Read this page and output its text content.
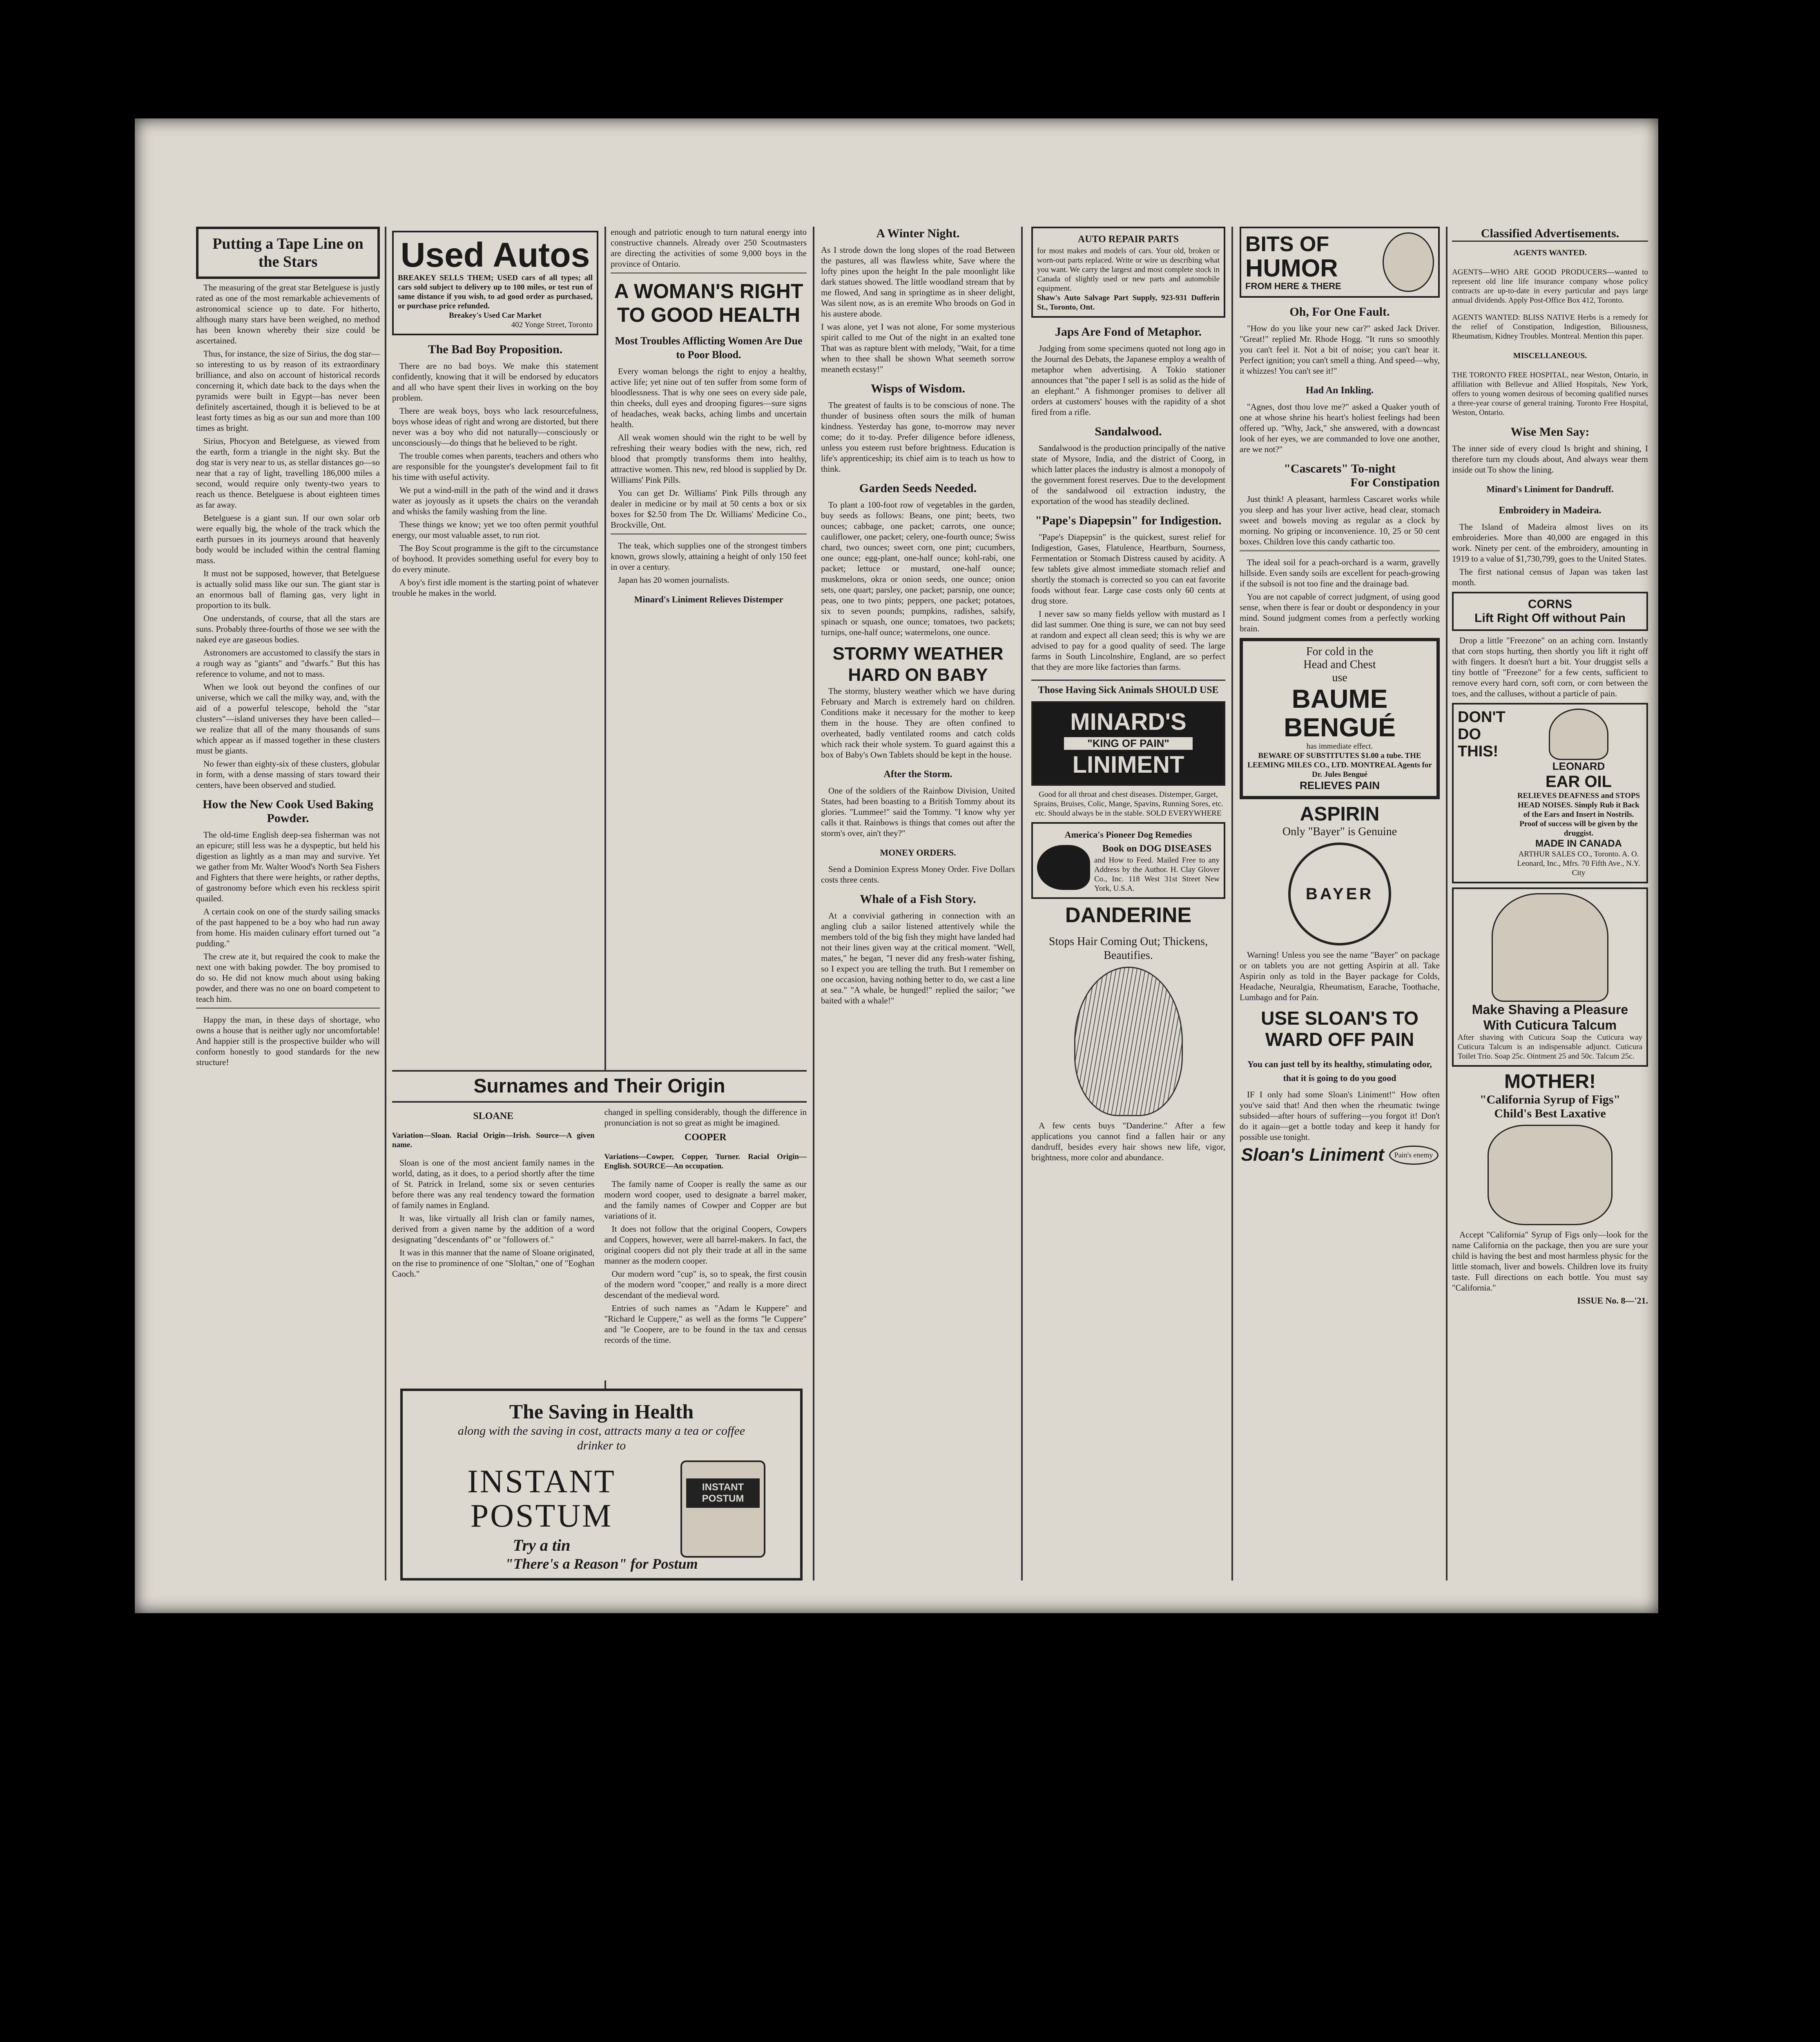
Putting a Tape Line on the Stars

The measuring of the great star Betelguese is justly rated as one of the most remarkable achievements of astronomical science up to date. For hitherto, although many stars have been weighed, no method has been known whereby their size could be ascertained.

Thus, for instance, the size of Sirius, the dog star—so interesting to us by reason of its extraordinary brilliance, and also on account of historical records concerning it, which date back to the days when the pyramids were built in Egypt—has never been definitely ascertained, though it is believed to be at least forty times as big as our sun and more than 100 times as bright.

Sirius, Phocyon and Betelguese, as viewed from the earth, form a triangle in the night sky. But the dog star is very near to us, as stellar distances go—so near that a ray of light, travelling 186,000 miles a second, would require only twenty-two years to reach us thence. Betelguese is about eighteen times as far away.

Betelguese is a giant sun. If our own solar orb were equally big, the whole of the track which the earth pursues in its journeys around that heavenly body would be included within the central flaming mass.

It must not be supposed, however, that Betelguese is actually solid mass like our sun. The giant star is an enormous ball of flaming gas, very light in proportion to its bulk.

One understands, of course, that all the stars are suns. Probably three-fourths of those we see with the naked eye are gaseous bodies.

Astronomers are accustomed to classify the stars in a rough way as "giants" and "dwarfs." But this has reference to volume, and not to mass.

When we look out beyond the confines of our universe, which we call the milky way, and, with the aid of a powerful telescope, behold the "star clusters"—island universes they have been called—we realize that all of the many thousands of suns which appear as if massed together in these clusters must be giants.

No fewer than eighty-six of these clusters, globular in form, with a dense massing of stars toward their centers, have been observed and studied.

How the New Cook Used Baking Powder.

The old-time English deep-sea fisherman was not an epicure; still less was he a dyspeptic, but held his digestion as lightly as a man may and survive. Yet we gather from Mr. Walter Wood's North Sea Fishers and Fighters that there were heights, or rather depths, of gastronomy before which even his reckless spirit quailed.

A certain cook on one of the sturdy sailing smacks of the past happened to be a boy who had run away from home. His maiden culinary effort turned out "a pudding."

The crew ate it, but required the cook to make the next one with baking powder. The boy promised to do so. He did not know much about using baking powder, and there was no one on board competent to teach him.

Happy the man, in these days of shortage, who owns a house that is neither ugly nor uncomfortable! And happier still is the prospective builder who will conform honestly to good standards for the new structure!

Used Autos
BREAKEY SELLS THEM; USED cars of all types; all cars sold subject to delivery up to 100 miles, or test run of same distance if you wish, to ad good order as purchased, or purchase price refunded.
Breakey's Used Car Market
402 Yonge Street, Toronto
The Bad Boy Proposition.

There are no bad boys. We make this statement confidently, knowing that it will be endorsed by educators and all who have spent their lives in working on the boy problem.

There are weak boys, boys who lack resourcefulness, boys whose ideas of right and wrong are distorted, but there never was a boy who did not naturally—consciously or unconsciously—do things that he believed to be right.

The trouble comes when parents, teachers and others who are responsible for the youngster's development fail to fit his time with useful activity.

We put a wind-mill in the path of the wind and it draws water as joyously as it upsets the chairs on the verandah and whisks the family washing from the line.

These things we know; yet we too often permit youthful energy, our most valuable asset, to run riot.

The Boy Scout programme is the gift to the circumstance of boyhood. It provides something useful for every boy to do every minute.

A boy's first idle moment is the starting point of whatever trouble he makes in the world.

enough and patriotic enough to turn natural energy into constructive channels. Already over 250 Scoutmasters are directing the activities of some 9,000 boys in the province of Ontario.

A WOMAN'S RIGHT
TO GOOD HEALTH
Most Troubles Afflicting Women Are Due to Poor Blood.

Every woman belongs the right to enjoy a healthy, active life; yet nine out of ten suffer from some form of bloodlessness. That is why one sees on every side pale, thin cheeks, dull eyes and drooping figures—sure signs of headaches, weak backs, aching limbs and uncertain health.

All weak women should win the right to be well by refreshing their weary bodies with the new, rich, red blood that promptly transforms them into healthy, attractive women. This new, red blood is supplied by Dr. Williams' Pink Pills.

You can get Dr. Williams' Pink Pills through any dealer in medicine or by mail at 50 cents a box or six boxes for $2.50 from The Dr. Williams' Medicine Co., Brockville, Ont.

The teak, which supplies one of the strongest timbers known, grows slowly, attaining a height of only 150 feet in over a century.

Japan has 20 women journalists.

Minard's Liniment Relieves Distemper
Surnames and Their Origin
SLOANE

Variation—Sloan. Racial Origin—Irish. Source—A given name.

Sloan is one of the most ancient family names in the world, dating, as it does, to a period shortly after the time of St. Patrick in Ireland, some six or seven centuries before there was any real tendency toward the formation of family names in England.

It was, like virtually all Irish clan or family names, derived from a given name by the addition of a word designating "descendants of" or "followers of."

It was in this manner that the name of Sloane originated, on the rise to prominence of one "Sloltan," one of "Eoghan Caoch."

changed in spelling considerably, though the difference in pronunciation is not so great as might be imagined.

COOPER

Variations—Cowper, Copper, Turner. Racial Origin—English. SOURCE—An occupation.

The family name of Cooper is really the same as our modern word cooper, used to designate a barrel maker, and the family names of Cowper and Copper are but variations of it.

It does not follow that the original Coopers, Cowpers and Coppers, however, were all barrel-makers. In fact, the original coopers did not ply their trade at all in the same manner as the modern cooper.

Our modern word "cup" is, so to speak, the first cousin of the modern word "cooper," and really is a more direct descendant of the medieval word.

Entries of such names as "Adam le Kuppere" and "Richard le Cuppere," as well as the forms "le Cuppere" and "le Coopere, are to be found in the tax and census records of the time.

The Saving in Health
along with the saving in cost, attracts many a tea or coffee drinker to
INSTANT
POSTUM
Try a tin
INSTANT POSTUM
"There's a Reason" for Postum
A Winter Night.

As I strode down the long slopes of the road Between the pastures, all was flawless white, Save where the lofty pines upon the height In the pale moonlight like dark statues showed. The little woodland stream that by me flowed, And sang in springtime as in sheer delight, Was silent now, as is an eremite Who broods on God in his austere abode.

I was alone, yet I was not alone, For some mysterious spirit called to me Out of the night in an exalted tone That was as rapture blent with melody, "Wait, for a time when to thee shall be shown What seemeth sorrow meaneth ecstasy!"

Wisps of Wisdom.

The greatest of faults is to be conscious of none. The thunder of business often sours the milk of human kindness. Yesterday has gone, to-morrow may never come; do it to-day. Prefer diligence before idleness, unless you esteem rust before brightness. Education is life's apprenticeship; its chief aim is to teach us how to think.

Garden Seeds Needed.

To plant a 100-foot row of vegetables in the garden, buy seeds as follows: Beans, one pint; beets, two ounces; cabbage, one packet; carrots, one ounce; cauliflower, one packet; celery, one-fourth ounce; Swiss chard, two ounces; sweet corn, one pint; cucumbers, one ounce; egg-plant, one-half ounce; kohl-rabi, one packet; lettuce or mustard, one-half ounce; muskmelons, okra or onion seeds, one ounce; onion sets, one quart; parsley, one packet; parsnip, one ounce; peas, one to two pints; peppers, one packet; potatoes, six to seven pounds; pumpkins, radishes, salsify, spinach or squash, one ounce; tomatoes, two packets; turnips, one-half ounce; watermelons, one ounce.

STORMY WEATHER
HARD ON BABY

The stormy, blustery weather which we have during February and March is extremely hard on children. Conditions make it necessary for the mother to keep them in the house. They are often confined to overheated, badly ventilated rooms and catch colds which rack their whole system. To guard against this a box of Baby's Own Tablets should be kept in the house.

After the Storm.

One of the soldiers of the Rainbow Division, United States, had been boasting to a British Tommy about its glories. "Lummee!" said the Tommy. "I know why yer calls it that. Rainbows is things that comes out after the storm's over, ain't they?"

MONEY ORDERS.

Send a Dominion Express Money Order. Five Dollars costs three cents.

Whale of a Fish Story.

At a convivial gathering in connection with an angling club a sailor listened attentively while the members told of the big fish they might have landed had not their lines given way at the critical moment. "Well, mates," he began, "I never did any fresh-water fishing, so I expect you are telling the truth. But I remember on one occasion, having nothing better to do, we cast a line at sea." "A whale, be hunged!" replied the sailor; "we baited with a whale!"

AUTO REPAIR PARTS
for most makes and models of cars. Your old, broken or worn-out parts replaced. Write or wire us describing what you want. We carry the largest and most complete stock in Canada of slightly used or new parts and automobile equipment.
Shaw's Auto Salvage Part Supply, 923-931 Dufferin St., Toronto, Ont.
Japs Are Fond of Metaphor.

Judging from some specimens quoted not long ago in the Journal des Debats, the Japanese employ a wealth of metaphor when advertising. A Tokio stationer announces that "the paper I sell is as solid as the hide of an elephant." A fishmonger promises to deliver all orders at customers' houses with the rapidity of a shot fired from a rifle.

Sandalwood.

Sandalwood is the production principally of the native state of Mysore, India, and the district of Coorg, in which latter places the industry is almost a monopoly of the government forest reserves. Due to the development of the sandalwood oil extraction industry, the exportation of the wood has steadily declined.

"Pape's Diapepsin" for Indigestion.

"Pape's Diapepsin" is the quickest, surest relief for Indigestion, Gases, Flatulence, Heartburn, Sourness, Fermentation or Stomach Distress caused by acidity. A few tablets give almost immediate stomach relief and shortly the stomach is corrected so you can eat favorite foods without fear. Large case costs only 60 cents at drug store.

I never saw so many fields yellow with mustard as I did last summer. One thing is sure, we can not buy seed at random and expect all clean seed; this is why we are advised to pay for a good quality of seed. The large farms in South Lincolnshire, England, are so perfect that they are more like factories than farms.

Those Having Sick Animals SHOULD USE
MINARD'S
"KING OF PAIN"
LINIMENT
Good for all throat and chest diseases. Distemper, Garget, Sprains, Bruises, Colic, Mange, Spavins, Running Sores, etc. etc. Should always be in the stable. SOLD EVERYWHERE
America's Pioneer Dog Remedies
Book on DOG DISEASES
and How to Feed. Mailed Free to any Address by the Author. H. Clay Glover Co., Inc. 118 West 31st Street New York, U.S.A.
DANDERINE
Stops Hair Coming Out; Thickens, Beautifies.

A few cents buys "Danderine." After a few applications you cannot find a fallen hair or any dandruff, besides every hair shows new life, vigor, brightness, more color and abundance.

BITS OF
HUMOR
FROM HERE & THERE
Oh, For One Fault.

"How do you like your new car?" asked Jack Driver. "Great!" replied Mr. Rhode Hogg. "It runs so smoothly you can't feel it. Not a bit of noise; you can't hear it. Perfect ignition; you can't smell a thing. And speed—why, it whizzes! You can't see it!"

Had An Inkling.

"Agnes, dost thou love me?" asked a Quaker youth of one at whose shrine his heart's holiest feelings had been offered up. "Why, Jack," she answered, with a downcast look of her eyes, we are commanded to love one another, are we not?"

"Cascarets" To-night
For Constipation

Just think! A pleasant, harmless Cascaret works while you sleep and has your liver active, head clear, stomach sweet and bowels moving as regular as a clock by morning. No griping or inconvenience. 10, 25 or 50 cent boxes. Children love this candy cathartic too.

The ideal soil for a peach-orchard is a warm, gravelly hillside. Even sandy soils are excellent for peach-growing if the subsoil is not too fine and the drainage bad.

You are not capable of correct judgment, of using good sense, when there is fear or doubt or despondency in your mind. Sound judgment comes from a perfectly working brain.

For cold in the Head and Chest use
BAUME
BENGUÉ
has immediate effect.
BEWARE OF SUBSTITUTES $1.00 a tube. THE LEEMING MILES CO., LTD. MONTREAL Agents for Dr. Jules Bengué
RELIEVES PAIN
ASPIRIN
Only "Bayer" is Genuine
BAYER

Warning! Unless you see the name "Bayer" on package or on tablets you are not getting Aspirin at all. Take Aspirin only as told in the Bayer package for Colds, Headache, Neuralgia, Rheumatism, Earache, Toothache, Lumbago and for Pain.

USE SLOAN'S TO
WARD OFF PAIN
You can just tell by its healthy, stimulating odor, that it is going to do you good

IF I only had some Sloan's Liniment!" How often you've said that! And then when the rheumatic twinge subsided—after hours of suffering—you forgot it! Don't do it again—get a bottle today and keep it handy for possible use tonight.

Sloan's Liniment	Pain's enemy
Classified Advertisements.
AGENTS WANTED.

AGENTS—WHO ARE GOOD PRODUCERS—wanted to represent old line life insurance company whose policy contracts are up-to-date in every particular and pays large annual dividends. Apply Post-Office Box 412, Toronto.

AGENTS WANTED: BLISS NATIVE Herbs is a remedy for the relief of Constipation, Indigestion, Biliousness, Rheumatism, Kidney Troubles. Montreal. Mention this paper.

MISCELLANEOUS.

THE TORONTO FREE HOSPITAL, near Weston, Ontario, in affiliation with Bellevue and Allied Hospitals, New York, offers to young women desirous of becoming qualified nurses a three-year course of general training. Toronto Free Hospital, Weston, Ontario.

Wise Men Say:

The inner side of every cloud Is bright and shining, I therefore turn my clouds about, And always wear them inside out To show the lining.

Minard's Liniment for Dandruff.
Embroidery in Madeira.

The Island of Madeira almost lives on its embroideries. More than 40,000 are engaged in this work. Ninety per cent. of the embroidery, amounting in 1919 to a value of $1,730,799, goes to the United States.

The first national census of Japan was taken last month.

CORNS
Lift Right Off without Pain

Drop a little "Freezone" on an aching corn. Instantly that corn stops hurting, then shortly you lift it right off with fingers. It doesn't hurt a bit. Your druggist sells a tiny bottle of "Freezone" for a few cents, sufficient to remove every hard corn, soft corn, or corn between the toes, and the calluses, without a particle of pain.

DON'T
DO
THIS!
LEONARD
EAR OIL
RELIEVES DEAFNESS and STOPS HEAD NOISES. Simply Rub it Back of the Ears and Insert in Nostrils. Proof of success will be given by the druggist.
MADE IN CANADA
ARTHUR SALES CO., Toronto. A. O. Leonard, Inc., Mfrs. 70 Fifth Ave., N.Y. City
Make Shaving a Pleasure
With Cuticura Talcum
After shaving with Cuticura Soap the Cuticura way Cuticura Talcum is an indispensable adjunct. Cuticura Toilet Trio. Soap 25c. Ointment 25 and 50c. Talcum 25c.
MOTHER!
"California Syrup of Figs"
Child's Best Laxative

Accept "California" Syrup of Figs only—look for the name California on the package, then you are sure your child is having the best and most harmless physic for the little stomach, liver and bowels. Children love its fruity taste. Full directions on each bottle. You must say "California."

ISSUE No. 8—'21.
